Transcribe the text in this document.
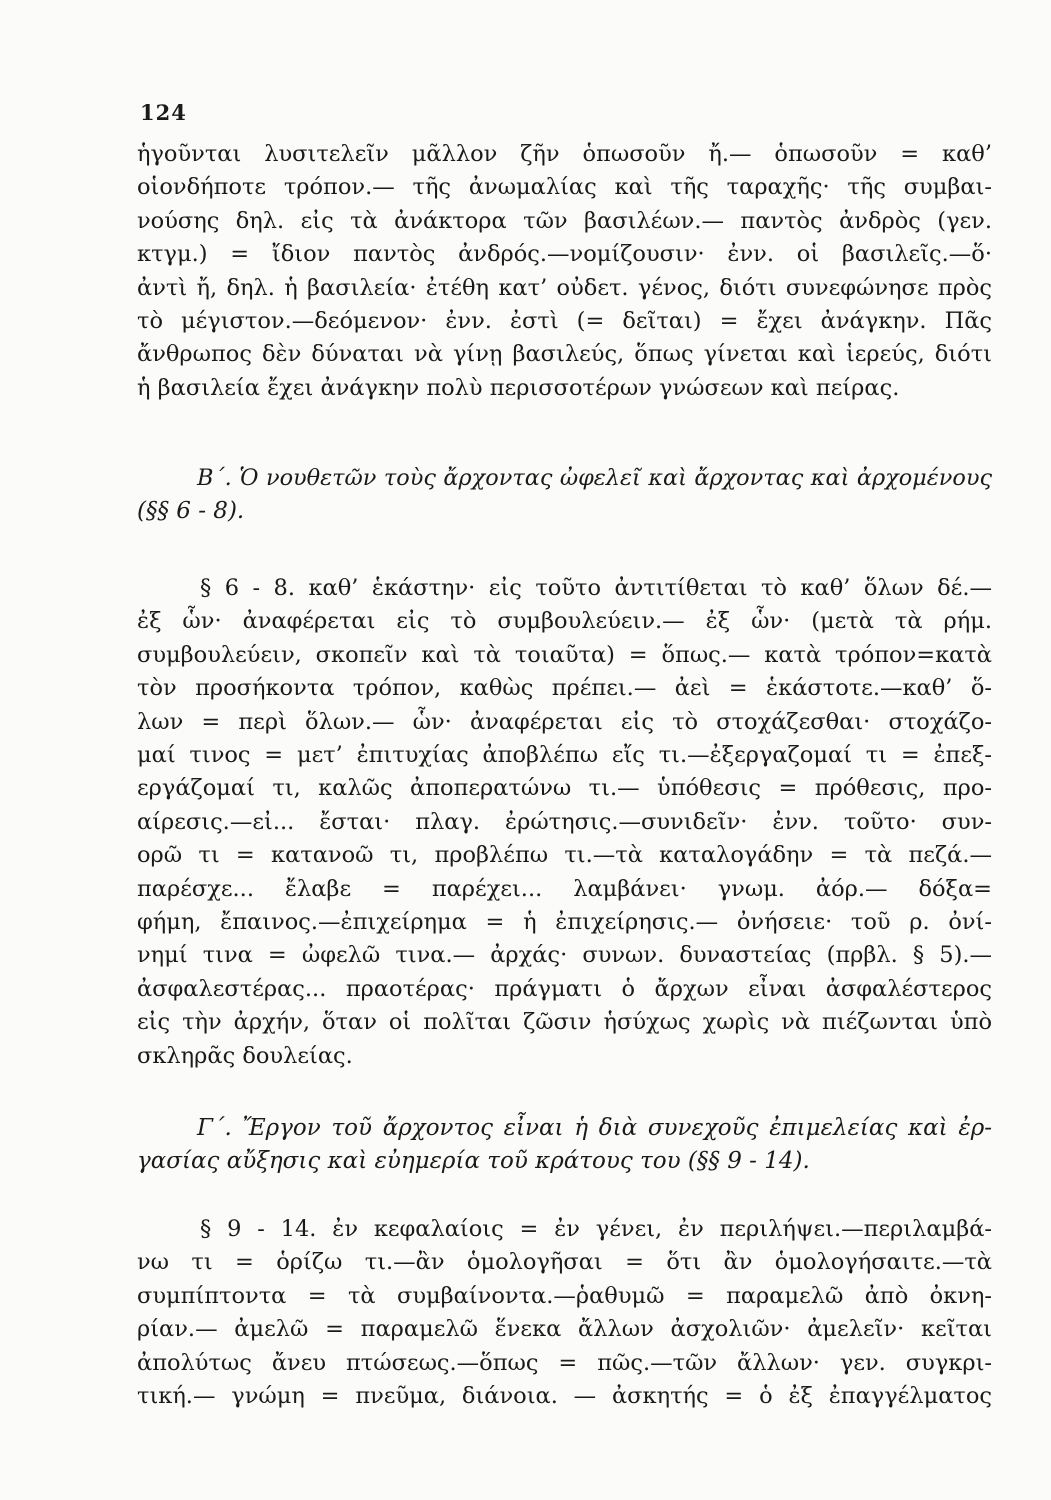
124
ἡγοῦνται λυσιτελεῖν μᾶλλον ζῆν ὁπωσοῦν ἤ.— ὁπωσοῦν = καθ’
οἱονδήποτε τρόπον.— τῆς ἀνωμαλίας καὶ τῆς ταραχῆς· τῆς συμβαι-
νούσης δηλ. εἰς τὰ ἀνάκτορα τῶν βασιλέων.— παντὸς ἀνδρὸς (γεν.
κτγμ.) = ἴδιον παντὸς ἀνδρός.—νομίζουσιν· ἐνν. οἱ βασιλεῖς.—ὅ·
ἀντὶ ἤ, δηλ. ἡ βασιλεία· ἐτέθη κατ’ οὐδετ. γένος, διότι συνεφώνησε πρὸς
τὸ μέγιστον.—δεόμενον· ἐνν. ἐστὶ (= δεῖται) = ἔχει ἀνάγκην. Πᾶς
ἄνθρωπος δὲν δύναται νὰ γίνῃ βασιλεύς, ὅπως γίνεται καὶ ἱερεύς, διότι
ἡ βασιλεία ἔχει ἀνάγκην πολὺ περισσοτέρων γνώσεων καὶ πείρας.
Β΄. Ὁ νουθετῶν τοὺς ἄρχοντας ὠφελεῖ καὶ ἄρχοντας καὶ ἀρχομένους
(§§ 6 - 8).
§ 6 - 8. καθ’ ἑκάστην· εἰς τοῦτο ἀντιτίθεται τὸ καθ’ ὅλων δέ.—
ἐξ ὧν· ἀναφέρεται εἰς τὸ συμβουλεύειν.— ἐξ ὧν· (μετὰ τὰ ρήμ.
συμβουλεύειν, σκοπεῖν καὶ τὰ τοιαῦτα) = ὅπως.— κατὰ τρόπον=κατὰ
τὸν προσήκοντα τρόπον, καθὼς πρέπει.— ἀεὶ = ἑκάστοτε.—καθ’ ὅ-
λων = περὶ ὅλων.— ὧν· ἀναφέρεται εἰς τὸ στοχάζεσθαι· στοχάζο-
μαί τινος = μετ’ ἐπιτυχίας ἀποβλέπω εἴς τι.—ἐξεργαζομαί τι = ἐπεξ-
εργάζομαί τι, καλῶς ἀποπερατώνω τι.— ὑπόθεσις = πρόθεσις, προ-
αίρεσις.—εἰ... ἔσται· πλαγ. ἐρώτησις.—συνιδεῖν· ἐνν. τοῦτο· συν-
ορῶ τι = κατανοῶ τι, προβλέπω τι.—τὰ καταλογάδην = τὰ πεζά.—
παρέσχε... ἔλαβε = παρέχει... λαμβάνει· γνωμ. ἀόρ.— δόξα=
φήμη, ἔπαινος.—ἐπιχείρημα = ἡ ἐπιχείρησις.— ὀνήσειε· τοῦ ρ. ὀνί-
νημί τινα = ὠφελῶ τινα.— ἀρχάς· συνων. δυναστείας (πρβλ. § 5).—
ἀσφαλεστέρας... πραοτέρας· πράγματι ὁ ἄρχων εἶναι ἀσφαλέστερος
εἰς τὴν ἀρχήν, ὅταν οἱ πολῖται ζῶσιν ἡσύχως χωρὶς νὰ πιέζωνται ὑπὸ
σκληρᾶς δουλείας.
Γ΄. Ἔργον τοῦ ἄρχοντος εἶναι ἡ διὰ συνεχοῦς ἐπιμελείας καὶ ἐρ-
γασίας αὔξησις καὶ εὐημερία τοῦ κράτους του (§§ 9 - 14).
§ 9 - 14. ἐν κεφαλαίοις = ἐν γένει, ἐν περιλήψει.—περιλαμβά-
νω τι = ὁρίζω τι.—ἂν ὁμολογῆσαι = ὅτι ἂν ὁμολογήσαιτε.—τὰ
συμπίπτοντα = τὰ συμβαίνοντα.—ῥαθυμῶ = παραμελῶ ἀπὸ ὀκνη-
ρίαν.— ἀμελῶ = παραμελῶ ἕνεκα ἄλλων ἀσχολιῶν· ἀμελεῖν· κεῖται
ἀπολύτως ἄνευ πτώσεως.—ὅπως = πῶς.—τῶν ἄλλων· γεν. συγκρι-
τική.— γνώμη = πνεῦμα, διάνοια. — ἀσκητής = ὁ ἐξ ἐπαγγέλματος
